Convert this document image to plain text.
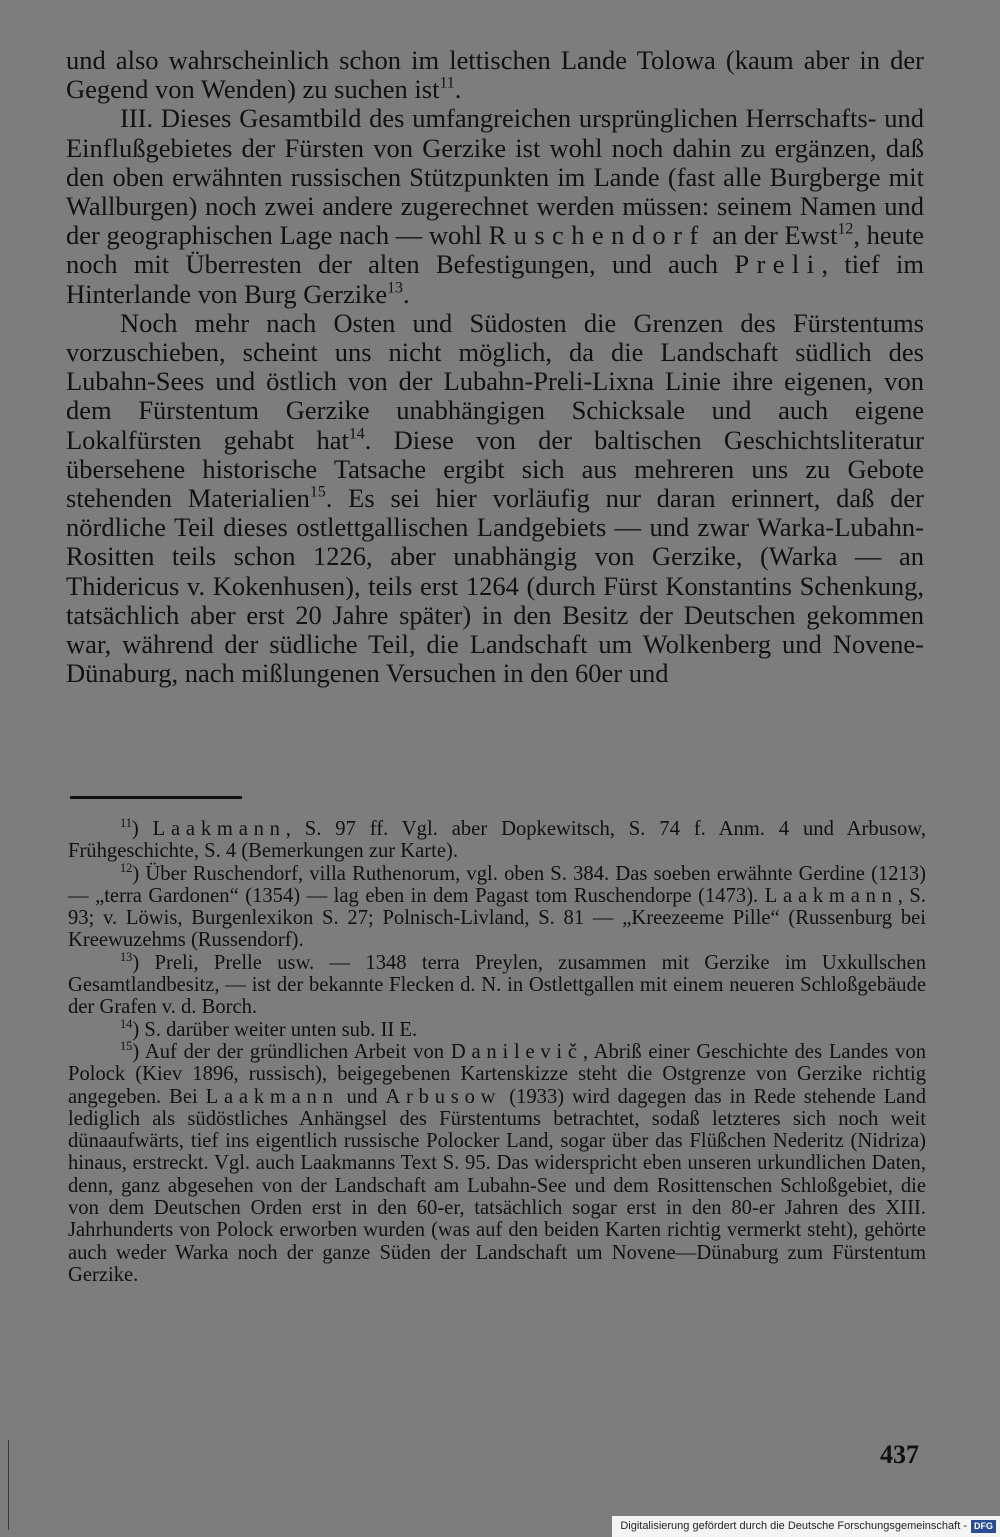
und also wahrscheinlich schon im lettischen Lande Tolowa (kaum aber in der Gegend von Wenden) zu suchen ist$^{11}$.

III. Dieses Gesamtbild des umfangreichen ursprünglichen Herrschafts- und Einflußgebietes der Fürsten von Gerzike ist wohl noch dahin zu ergänzen, daß den oben erwähnten russischen Stützpunkten im Lande (fast alle Burgberge mit Wallburgen) noch zwei andere zugerechnet werden müssen: seinem Namen und der geographischen Lage nach — wohl Ruschendorf an der Ewst$^{12}$, heute noch mit Überresten der alten Befestigungen, und auch Preli, tief im Hinterlande von Burg Gerzike$^{13}$.

Noch mehr nach Osten und Südosten die Grenzen des Fürstentums vorzuschieben, scheint uns nicht möglich, da die Landschaft südlich des Lubahn-Sees und östlich von der Lubahn-Preli-Lixna Linie ihre eigenen, von dem Fürstentum Gerzike unabhängigen Schicksale und auch eigene Lokalfürsten gehabt hat$^{14}$. Diese von der baltischen Geschichtsliteratur übersehene historische Tatsache ergibt sich aus mehreren uns zu Gebote stehenden Materialien$^{15}$. Es sei hier vorläufig nur daran erinnert, daß der nördliche Teil dieses ostlettgallischen Landgebiets — und zwar Warka-Lubahn-Rositten teils schon 1226, aber unabhängig von Gerzike, (Warka — an Thidericus v. Kokenhusen), teils erst 1264 (durch Fürst Konstantins Schenkung, tatsächlich aber erst 20 Jahre später) in den Besitz der Deutschen gekommen war, während der südliche Teil, die Landschaft um Wolkenberg und Novene-Dünaburg, nach mißlungenen Versuchen in den 60er und

$^{11}$) Laakmann, S. 97 ff. Vgl. aber Dopkewitsch, S. 74 f. Anm. 4 und Arbusow, Frühgeschichte, S. 4 (Bemerkungen zur Karte).

$^{12}$) Über Ruschendorf, villa Ruthenorum, vgl. oben S. 384. Das soeben erwähnte Gerdine (1213) — „terra Gardonen“ (1354) — lag eben in dem Pagast tom Ruschendorpe (1473). Laakmann, S. 93; v. Löwis, Burgenlexikon S. 27; Polnisch-Livland, S. 81 — „Kreezeeme Pille“ (Russenburg bei Kreewuzehms (Russendorf).

$^{13}$) Preli, Prelle usw. — 1348 terra Preylen, zusammen mit Gerzike im Uxkullschen Gesamtlandbesitz, — ist der bekannte Flecken d. N. in Ostlettgallen mit einem neueren Schloßgebäude der Grafen v. d. Borch.

$^{14}$) S. darüber weiter unten sub. II E.

$^{15}$) Auf der der gründlichen Arbeit von Danilevič, Abriß einer Geschichte des Landes von Polock (Kiev 1896, russisch), beigegebenen Kartenskizze steht die Ostgrenze von Gerzike richtig angegeben. Bei Laakmann und Arbusow (1933) wird dagegen das in Rede stehende Land lediglich als südöstliches Anhängsel des Fürstentums betrachtet, sodaß letzteres sich noch weit dünaaufwärts, tief ins eigentlich russische Polocker Land, sogar über das Flüßchen Nederitz (Nidriza) hinaus, erstreckt. Vgl. auch Laakmanns Text S. 95. Das widerspricht eben unseren urkundlichen Daten, denn, ganz abgesehen von der Landschaft am Lubahn-See und dem Rosittenschen Schloßgebiet, die von dem Deutschen Orden erst in den 60-er, tatsächlich sogar erst in den 80-er Jahren des XIII. Jahrhunderts von Polock erworben wurden (was auf den beiden Karten richtig vermerkt steht), gehörte auch weder Warka noch der ganze Süden der Landschaft um Novene—Dünaburg zum Fürstentum Gerzike.

437
Digitalisierung gefördert durch die Deutsche Forschungsgemeinschaft - DFG
